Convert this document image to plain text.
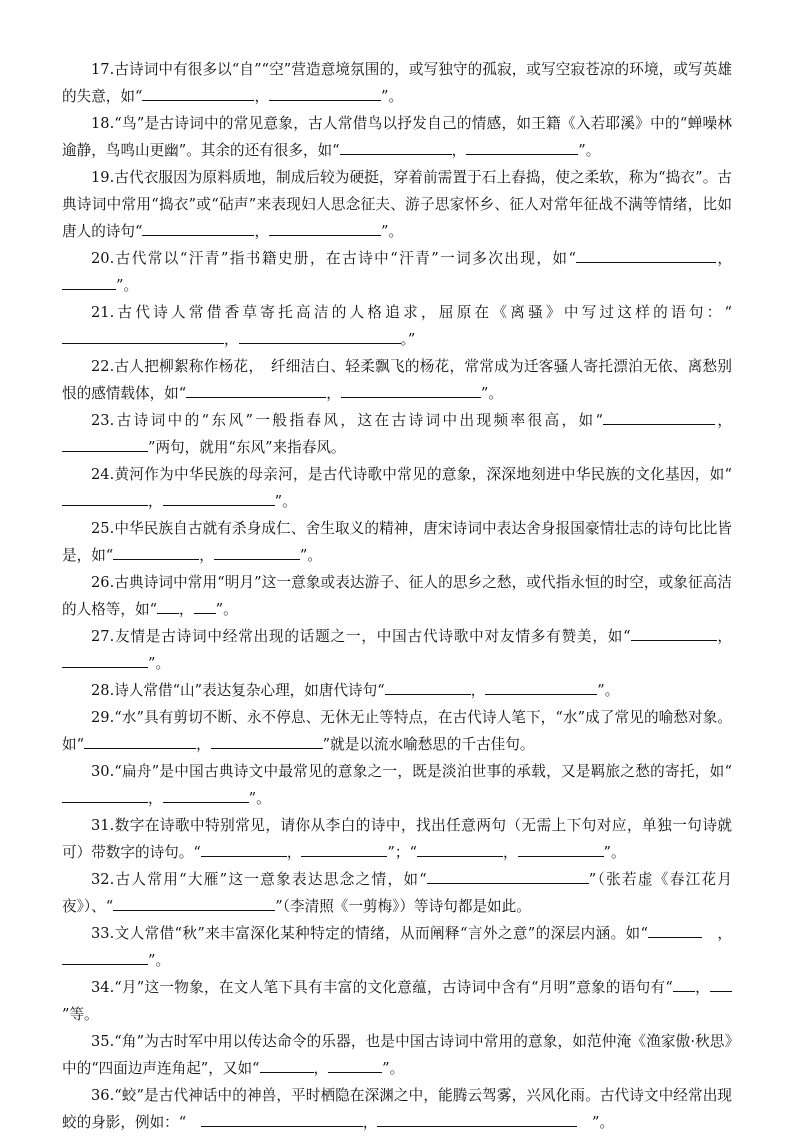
17.古诗词中有很多以“自”“空”营造意境氛围的，或写独守的孤寂，或写空寂苍凉的环境，或写英雄的失意，如“	，	”。

18.“鸟”是古诗词中的常见意象，古人常借鸟以抒发自己的情感，如王籍《入若耶溪》中的“蝉噪林逾静，鸟鸣山更幽”。其余的还有很多，如“	，	”。

19.古代衣服因为原料质地，制成后较为硬挺，穿着前需置于石上舂捣，使之柔软，称为“捣衣”。古典诗词中常用“捣衣”或“砧声”来表现妇人思念征夫、游子思家怀乡、征人对常年征战不满等情绪，比如唐人的诗句“	，	”。

20.古代常以“汗青”指书籍史册，在古诗中“汗青”一词多次出现，如“	，”。

21.古代诗人常借香草寄托高洁的人格追求，屈原在《离骚》中写过这样的语句：“，	。”

22.古人把柳絮称作杨花，　纤细洁白、轻柔飘飞的杨花，常常成为迁客骚人寄托漂泊无依、离愁别恨的感情载体，如“	，	”。

23.古诗词中的“东风”一般指春风，这在古诗词中出现频率很高，如“	，”两句，就用“东风”来指春风。

24.黄河作为中华民族的母亲河，是古代诗歌中常见的意象，深深地刻进中华民族的文化基因，如“，	”。

25.中华民族自古就有杀身成仁、舍生取义的精神，唐宋诗词中表达舍身报国豪情壮志的诗句比比皆是，如“	，	”。

26.古典诗词中常用“明月”这一意象或表达游子、征人的思乡之愁，或代指永恒的时空，或象征高洁的人格等，如“ ， ”。

27.友情是古诗词中经常出现的话题之一，中国古代诗歌中对友情多有赞美，如“	，”。

28.诗人常借“山”表达复杂心理，如唐代诗句“	，	”。

29.“水”具有剪切不断、永不停息、无休无止等特点，在古代诗人笔下，“水”成了常见的喻愁对象。如“	，	”就是以流水喻愁思的千古佳句。

30.“扁舟”是中国古典诗文中最常见的意象之一，既是淡泊世事的承载，又是羁旅之愁的寄托，如“，	”。

31.数字在诗歌中特别常见，请你从李白的诗中，找出任意两句（无需上下句对应，单独一句诗就可）带数字的诗句。“	，	”；“	，	”。

32.古人常用“大雁”这一意象表达思念之情，如“	”（张若虚《春江花月夜》）、“	”（李清照《一剪梅》）等诗句都是如此。

33.文人常借“秋”来丰富深化某种特定的情绪，从而阐释“言外之意”的深层内涵。如“	　，”。

34.“月”这一物象，在文人笔下具有丰富的文化意蕴，古诗词中含有“月明”意象的语句有“ ，”等。

35.“角”为古时军中用以传达命令的乐器，也是中国古诗词中常用的意象，如范仲淹《渔家傲·秋思》中的“四面边声连角起”，又如“	，	”。

36.“蛟”是古代神话中的神兽，平时栖隐在深渊之中，能腾云驾雾，兴风化雨。古代诗文中经常出现蛟的身影，例如：“　	，	　”。
